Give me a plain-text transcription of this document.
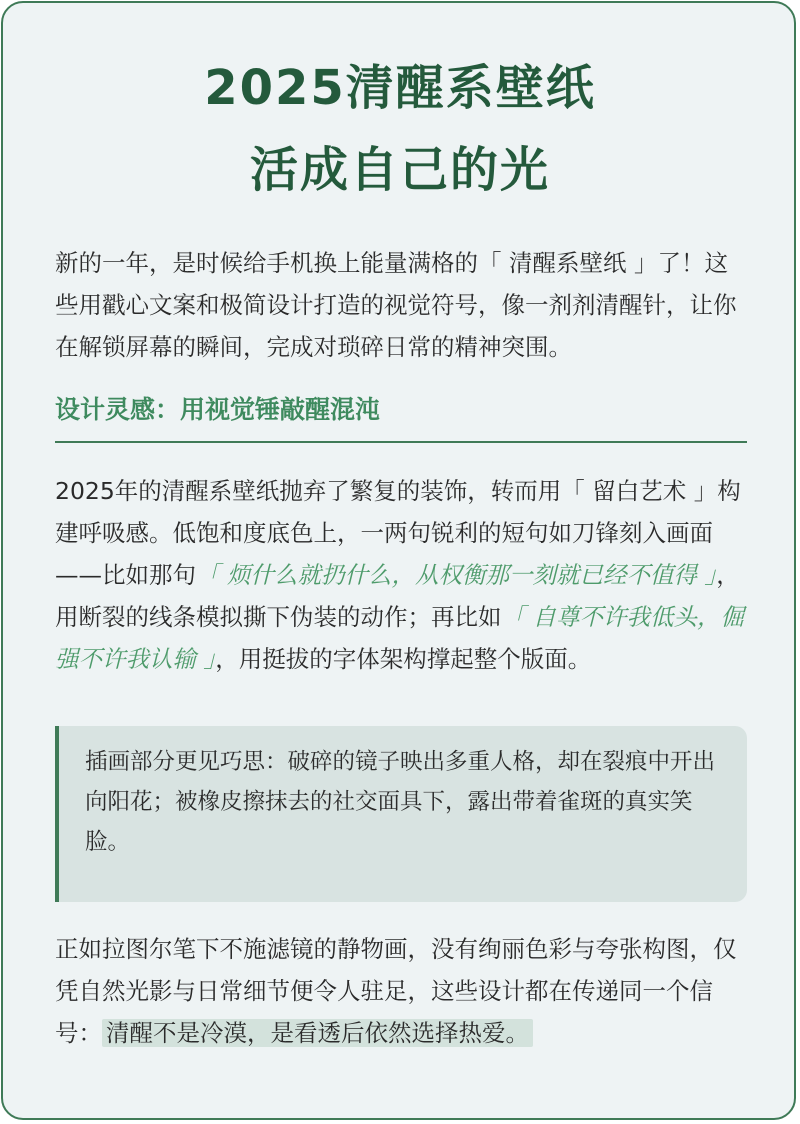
2025清醒系壁纸
活成自己的光

新的一年，是时候给手机换上能量满格的「 清醒系壁纸 」了！这些用戳心文案和极简设计打造的视觉符号，像一剂剂清醒针，让你在解锁屏幕的瞬间，完成对琐碎日常的精神突围。

设计灵感：用视觉锤敲醒混沌

2025年的清醒系壁纸抛弃了繁复的装饰，转而用「 留白艺术 」构建呼吸感。低饱和度底色上，一两句锐利的短句如刀锋刻入画面——比如那句「 烦什么就扔什么，从权衡那一刻就已经不值得 」，用断裂的线条模拟撕下伪装的动作；再比如「 自尊不许我低头，倔强不许我认输 」，用挺拔的字体架构撑起整个版面。

插画部分更见巧思：破碎的镜子映出多重人格，却在裂痕中开出向阳花；被橡皮擦抹去的社交面具下，露出带着雀斑的真实笑脸。

正如拉图尔笔下不施滤镜的静物画，没有绚丽色彩与夸张构图，仅凭自然光影与日常细节便令人驻足，这些设计都在传递同一个信号： 清醒不是冷漠，是看透后依然选择热爱。
